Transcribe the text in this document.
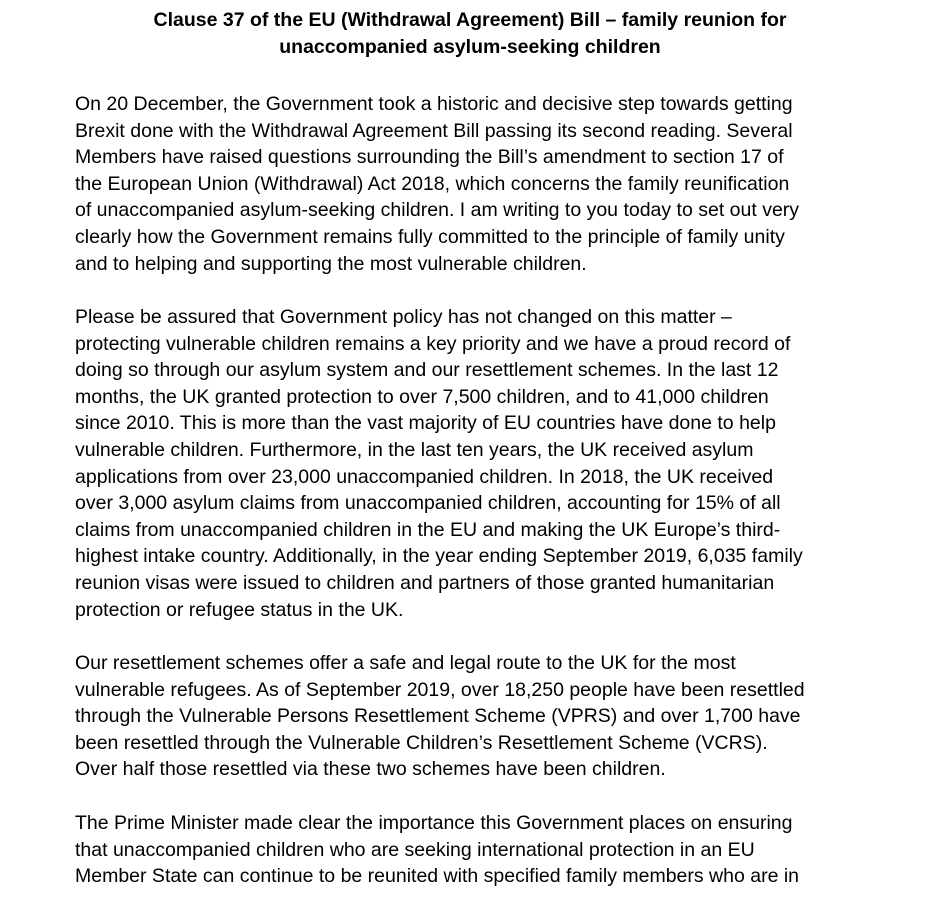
Clause 37 of the EU (Withdrawal Agreement) Bill – family reunion for
unaccompanied asylum-seeking children

On 20 December, the Government took a historic and decisive step towards getting
Brexit done with the Withdrawal Agreement Bill passing its second reading. Several
Members have raised questions surrounding the Bill’s amendment to section 17 of
the European Union (Withdrawal) Act 2018, which concerns the family reunification
of unaccompanied asylum-seeking children. I am writing to you today to set out very
clearly how the Government remains fully committed to the principle of family unity
and to helping and supporting the most vulnerable children.

Please be assured that Government policy has not changed on this matter –
protecting vulnerable children remains a key priority and we have a proud record of
doing so through our asylum system and our resettlement schemes. In the last 12
months, the UK granted protection to over 7,500 children, and to 41,000 children
since 2010. This is more than the vast majority of EU countries have done to help
vulnerable children. Furthermore, in the last ten years, the UK received asylum
applications from over 23,000 unaccompanied children. In 2018, the UK received
over 3,000 asylum claims from unaccompanied children, accounting for 15% of all
claims from unaccompanied children in the EU and making the UK Europe’s third-
highest intake country. Additionally, in the year ending September 2019, 6,035 family
reunion visas were issued to children and partners of those granted humanitarian
protection or refugee status in the UK.

Our resettlement schemes offer a safe and legal route to the UK for the most
vulnerable refugees. As of September 2019, over 18,250 people have been resettled
through the Vulnerable Persons Resettlement Scheme (VPRS) and over 1,700 have
been resettled through the Vulnerable Children’s Resettlement Scheme (VCRS).
Over half those resettled via these two schemes have been children.

The Prime Minister made clear the importance this Government places on ensuring
that unaccompanied children who are seeking international protection in an EU
Member State can continue to be reunited with specified family members who are in
